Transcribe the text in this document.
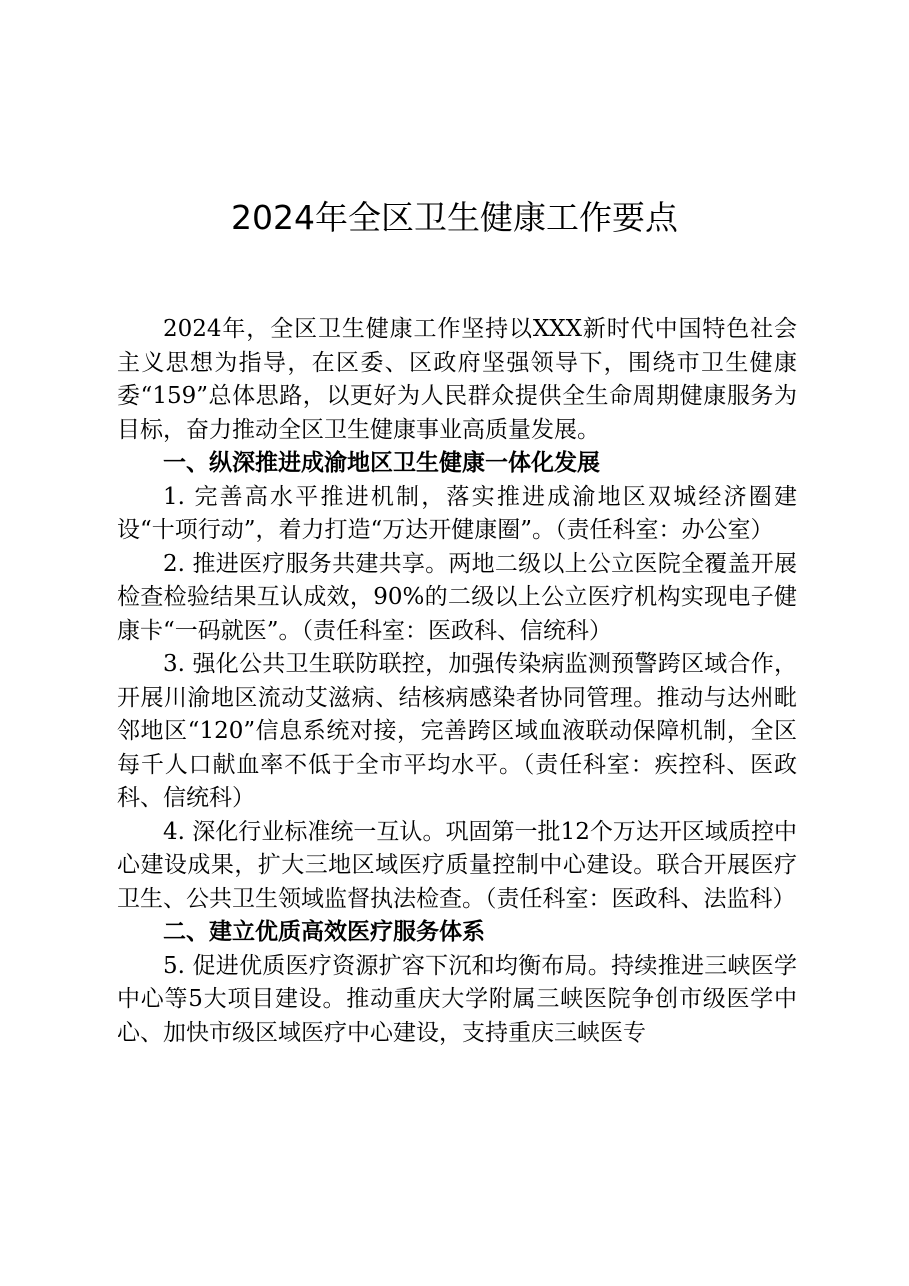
2024年全区卫生健康工作要点

2024年，全区卫生健康工作坚持以XXX新时代中国特色社会主义思想为指导，在区委、区政府坚强领导下，围绕市卫生健康委“159”总体思路，以更好为人民群众提供全生命周期健康服务为目标，奋力推动全区卫生健康事业高质量发展。

一、纵深推进成渝地区卫生健康一体化发展

1. 完善高水平推进机制，落实推进成渝地区双城经济圈建设“十项行动”，着力打造“万达开健康圈”。（责任科室：办公室）

2. 推进医疗服务共建共享。两地二级以上公立医院全覆盖开展检查检验结果互认成效，90%的二级以上公立医疗机构实现电子健康卡“一码就医”。（责任科室：医政科、信统科）

3. 强化公共卫生联防联控，加强传染病监测预警跨区域合作，开展川渝地区流动艾滋病、结核病感染者协同管理。推动与达州毗邻地区“120”信息系统对接，完善跨区域血液联动保障机制，全区每千人口献血率不低于全市平均水平。（责任科室：疾控科、医政科、信统科）

4. 深化行业标准统一互认。巩固第一批12个万达开区域质控中心建设成果，扩大三地区域医疗质量控制中心建设。联合开展医疗卫生、公共卫生领域监督执法检查。（责任科室：医政科、法监科）

二、建立优质高效医疗服务体系

5. 促进优质医疗资源扩容下沉和均衡布局。持续推进三峡医学中心等5大项目建设。推动重庆大学附属三峡医院争创市级医学中心、加快市级区域医疗中心建设，支持重庆三峡医专
